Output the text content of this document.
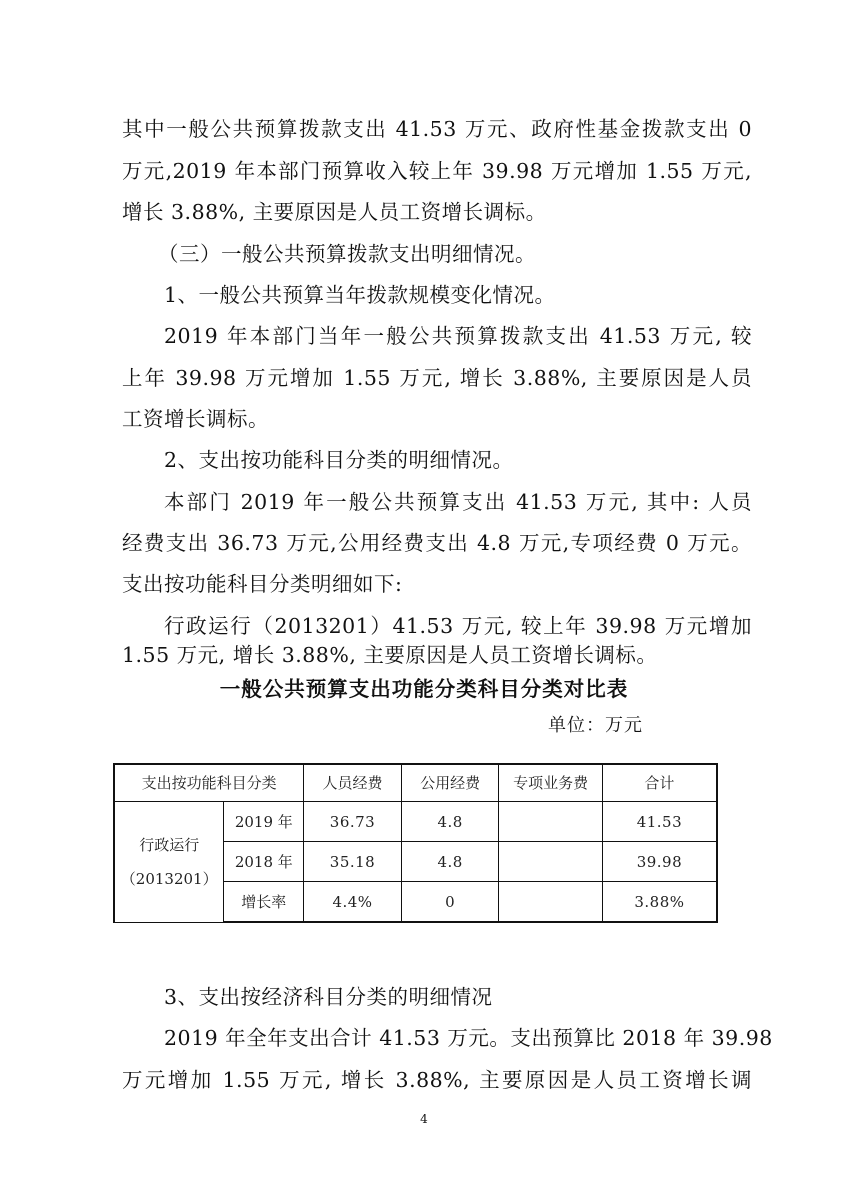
其中一般公共预算拨款支出 41.53 万元、政府性基金拨款支出 0
万元,2019 年本部门预算收入较上年 39.98 万元增加 1.55 万元,
增长 3.88%, 主要原因是人员工资增长调标。
（三）一般公共预算拨款支出明细情况。
1、一般公共预算当年拨款规模变化情况。
2019 年本部门当年一般公共预算拨款支出 41.53 万元, 较
上年 39.98 万元增加 1.55 万元, 增长 3.88%, 主要原因是人员
工资增长调标。
2、支出按功能科目分类的明细情况。
本部门 2019 年一般公共预算支出 41.53 万元, 其中: 人员
经费支出 36.73 万元,公用经费支出 4.8 万元,专项经费 0 万元。
支出按功能科目分类明细如下:
行政运行（2013201）41.53 万元, 较上年 39.98 万元增加
1.55 万元, 增长 3.88%, 主要原因是人员工资增长调标。
一般公共预算支出功能分类科目分类对比表
单位：万元
支出按功能科目分类		人员经费	公用经费	专项业务费	合计

行政运行
（2013201）	2019 年	36.73	4.8		41.53
	2018 年	35.18	4.8		39.98
	增长率	4.4%	0		3.88%
3、支出按经济科目分类的明细情况
2019 年全年支出合计 41.53 万元。支出预算比 2018 年 39.98
万元增加 1.55 万元, 增长 3.88%, 主要原因是人员工资增长调
4
